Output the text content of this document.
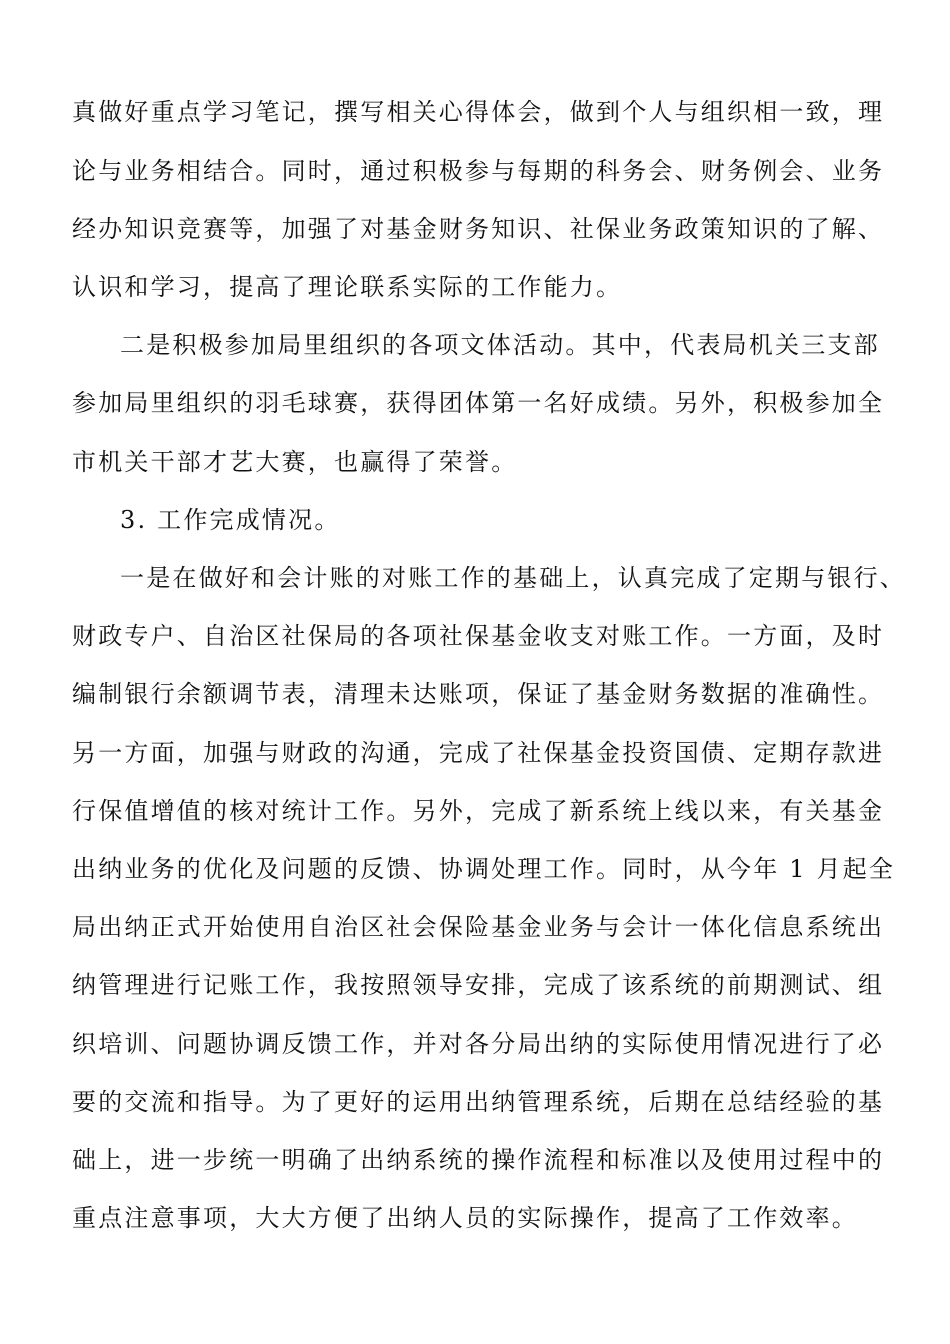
真做好重点学习笔记，撰写相关心得体会，做到个人与组织相一致，理
论与业务相结合。同时，通过积极参与每期的科务会、财务例会、业务
经办知识竞赛等，加强了对基金财务知识、社保业务政策知识的了解、
认识和学习，提高了理论联系实际的工作能力。
二是积极参加局里组织的各项文体活动。其中，代表局机关三支部
参加局里组织的羽毛球赛，获得团体第一名好成绩。另外，积极参加全
市机关干部才艺大赛，也赢得了荣誉。
3. 工作完成情况。
一是在做好和会计账的对账工作的基础上，认真完成了定期与银行、
财政专户、自治区社保局的各项社保基金收支对账工作。一方面，及时
编制银行余额调节表，清理未达账项，保证了基金财务数据的准确性。
另一方面，加强与财政的沟通，完成了社保基金投资国债、定期存款进
行保值增值的核对统计工作。另外，完成了新系统上线以来，有关基金
出纳业务的优化及问题的反馈、协调处理工作。同时，从今年 1 月起全
局出纳正式开始使用自治区社会保险基金业务与会计一体化信息系统出
纳管理进行记账工作，我按照领导安排，完成了该系统的前期测试、组
织培训、问题协调反馈工作，并对各分局出纳的实际使用情况进行了必
要的交流和指导。为了更好的运用出纳管理系统，后期在总结经验的基
础上，进一步统一明确了出纳系统的操作流程和标准以及使用过程中的
重点注意事项，大大方便了出纳人员的实际操作，提高了工作效率。
